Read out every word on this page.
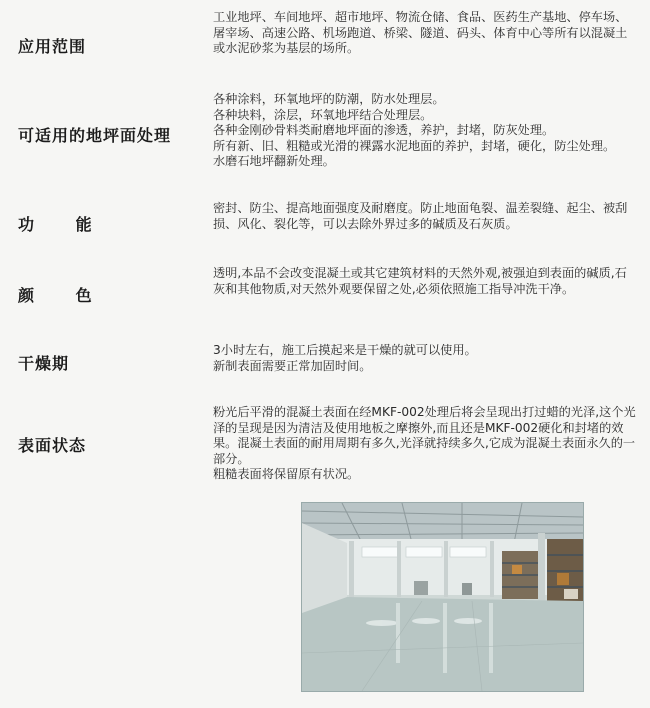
应用范围

工业地坪、车间地坪、超市地坪、物流仓储、食品、医药生产基地、停车场、屠宰场、高速公路、机场跑道、桥梁、隧道、码头、体育中心等所有以混凝土或水泥砂浆为基层的场所。

可适用的地坪面处理

各种涂料，环氧地坪的防潮，防水处理层。

各种块料，涂层，环氧地坪结合处理层。

各种金刚砂骨料类耐磨地坪面的渗透，养护，封堵，防灰处理。

所有新、旧、粗糙或光滑的裸露水泥地面的养护，封堵，硬化，防尘处理。

水磨石地坪翻新处理。

功 能

密封、防尘、提高地面强度及耐磨度。防止地面龟裂、温差裂缝、起尘、被刮损、风化、裂化等，可以去除外界过多的碱质及石灰质。

颜 色

透明,本品不会改变混凝土或其它建筑材料的天然外观,被强迫到表面的碱质,石灰和其他物质,对天然外观要保留之处,必须依照施工指导冲洗干净。

干燥期

3小时左右，施工后摸起来是干燥的就可以使用。

新制表面需要正常加固时间。

表面状态

粉光后平滑的混凝土表面在经MKF-002处理后将会呈现出打过蜡的光泽,这个光泽的呈现是因为清洁及使用地板之摩擦外,而且还是MKF-002硬化和封堵的效果。混凝土表面的耐用周期有多久,光泽就持续多久,它成为混凝土表面永久的一部分。

粗糙表面将保留原有状况。
